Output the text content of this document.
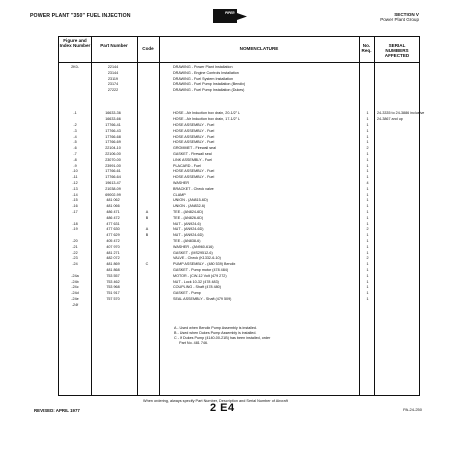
POWER PLANT "350" FUEL INJECTION	PIPER	SECTION V
Power Plant Group
Figure and Index Number	Part Number
Code	NOMENCLATURE
No. Req.
SERIAL NUMBERS AFFECTED
2K0-	22144	DRAWING - Power Plant Installation
23144	DRAWING - Engine Controls Installation
23119	DRAWING - Fuel System Installation
23174	DRAWING - Fuel Pump Installation (Bendix)
27222	DRAWING - Fuel Pump Installation (Dukes)
-1	16633-36	HOSE - Air Induction box drain, 20-1/2" L	1	24-3335 to 24-3886 inclusive
16633-66	HOSE - Air Induction box drain, 17-1/2" L	1	24-3867 and up
-2	17766-41	HOSE ASSEMBLY - Fuel	1
-3	17766-43	HOSE ASSEMBLY - Fuel	1
-4	17766-68	HOSE ASSEMBLY - Fuel	1
-5	17766-69	HOSE ASSEMBLY - Fuel	1
-6	22104-10	GROMMET - Firewall seal	2
-7	22106-00	GASKET - Firewall seal	1
-8	23070-00	LINK ASSEMBLY - Fuel	1
-9	23991-00	PLACARD - Fuel	1
-10	17766-61	HOSE ASSEMBLY - Fuel	1
-11	17766-64	HOSE ASSEMBLY - Fuel	1
-12	19613-47	WASHER	4
-13	21038-09	BRACKET - Check valve	1
-14	69002-99	CLAMP	1
-15	481 062	UNION - (AN815-6D)	1
-16	481 066	UNION - (AN832-6)	1
-17	486 471	A	TEE - (AN824-6D)	1
486 472	B	TEE - (AN826-6D)	1
-18	477 631	NUT - (AN924-6)	1
-19	477 630	A	NUT - (AN924-6D)	2
477 629	B	NUT - (AN924-6D)	1
-20	405 472	TEE - (AN838-6)	1
-21	407 970	WASHER - (AN960-616)	1
-22	481 271	GASKET - (MS29512-6)	1
-23	482 072	VALVE - Check (K1332-6-10)	2
-24	481 869	C	PUMP ASSEMBLY - (480 539) Bendix	1
481 868	GASKET - Pump motor (478 484)	1
-24a	753 557	MOTOR - (CW-12 Volt (479 272)	1
-24b	753 462	NUT - Lock 10-32 (478 483)	1
-24c	753 968	COUPLING - Shaft (478 480)	1
-24d	751 917	GASKET - Pump	1
-24e	757 570	SEAL ASSEMBLY - Shaft (479 509)	1
-24f
A - Used when Bendix Pump Assembly is installed.
B - Used when Dukes Pump Assembly is installed.
C - If Dukes Pump (4140-00-21B) has been installed, order
Part No. 481 746.
When ordering, always specify Part Number, Description and Serial Number of Aircraft
REVISED: APRIL 1977	2 E4	PA-24-250
